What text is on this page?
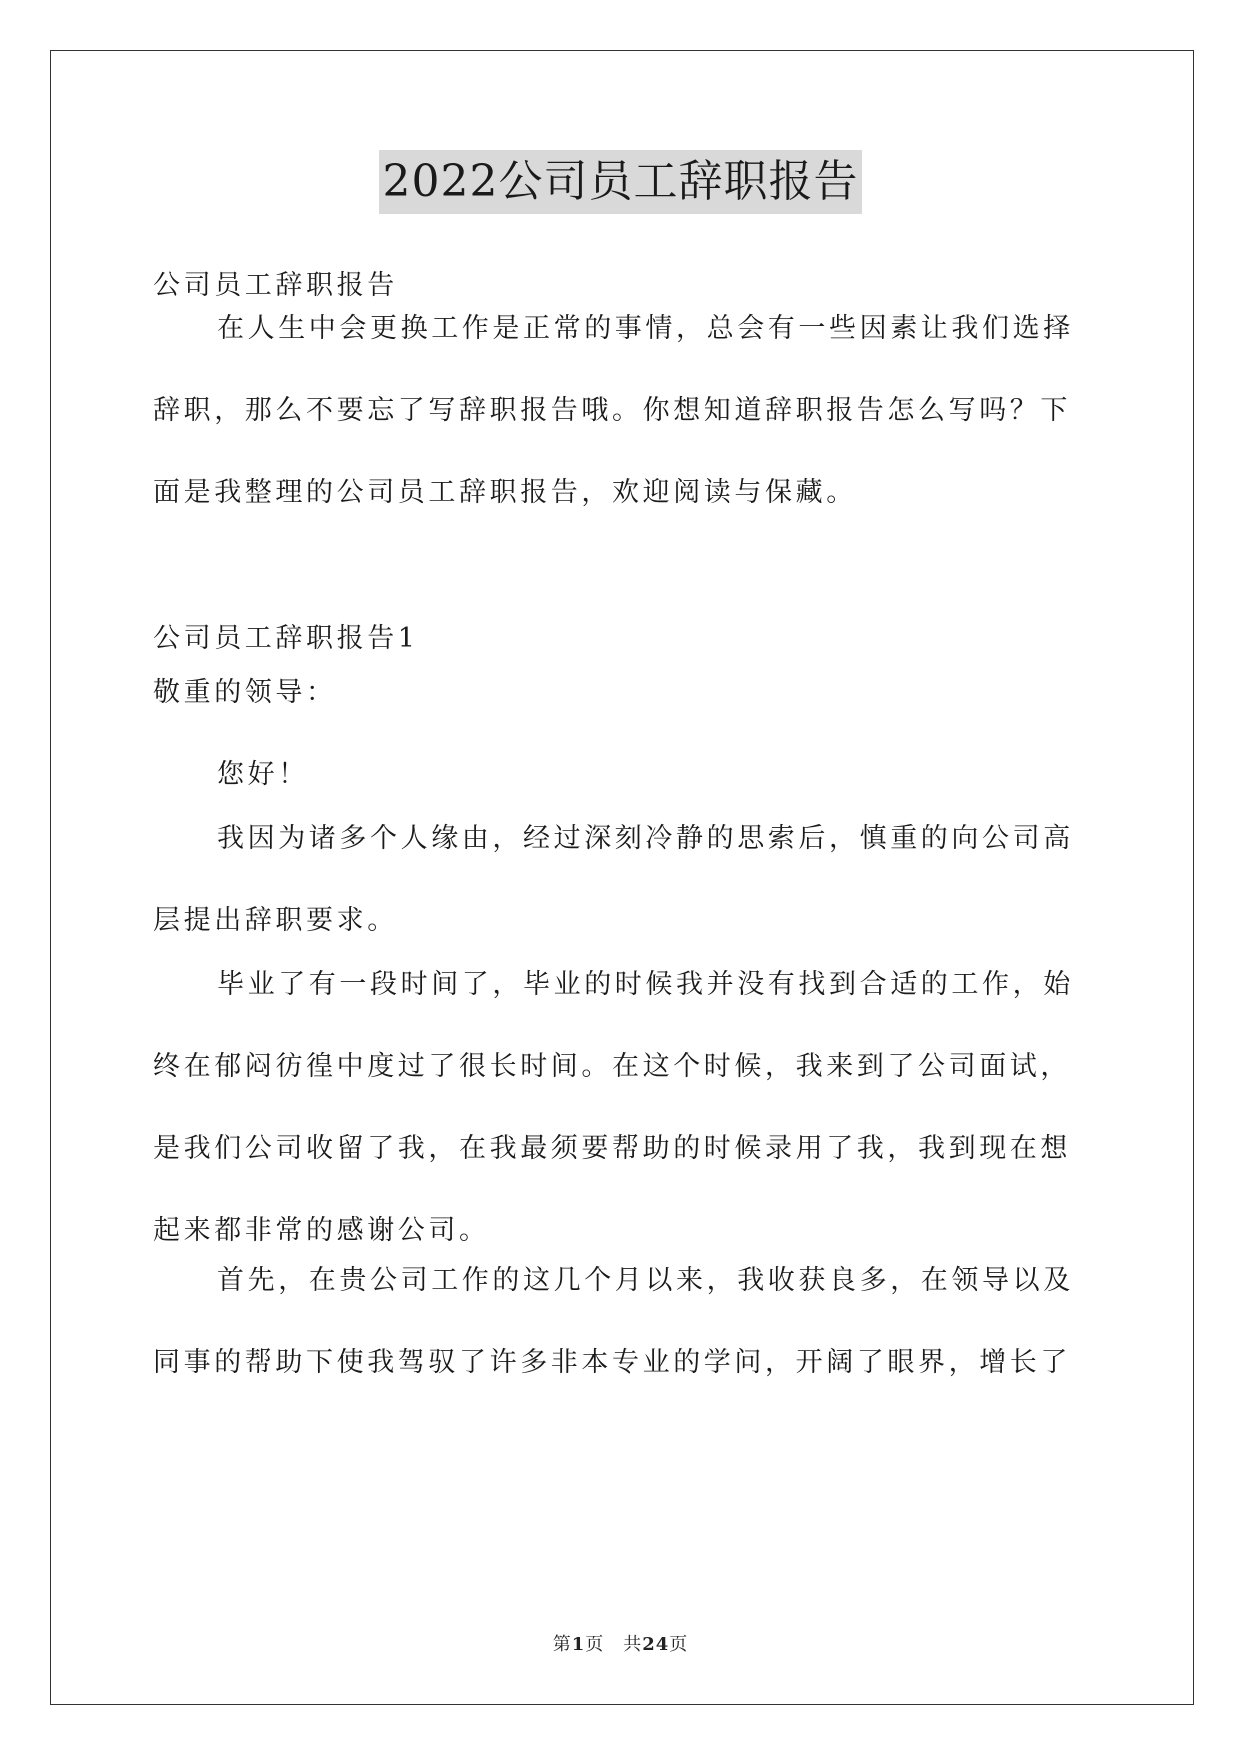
2022公司员工辞职报告

公司员工辞职报告

在人生中会更换工作是正常的事情，总会有一些因素让我们选择辞职，那么不要忘了写辞职报告哦。你想知道辞职报告怎么写吗？下面是我整理的公司员工辞职报告，欢迎阅读与保藏。

公司员工辞职报告1

敬重的领导：

您好！

我因为诸多个人缘由，经过深刻冷静的思索后，慎重的向公司高层提出辞职要求。

毕业了有一段时间了，毕业的时候我并没有找到合适的工作，始终在郁闷彷徨中度过了很长时间。在这个时候，我来到了公司面试，是我们公司收留了我，在我最须要帮助的时候录用了我，我到现在想起来都非常的感谢公司。

首先，在贵公司工作的这几个月以来，我收获良多，在领导以及同事的帮助下使我驾驭了许多非本专业的学问，开阔了眼界，增长了

第1页　共24页
